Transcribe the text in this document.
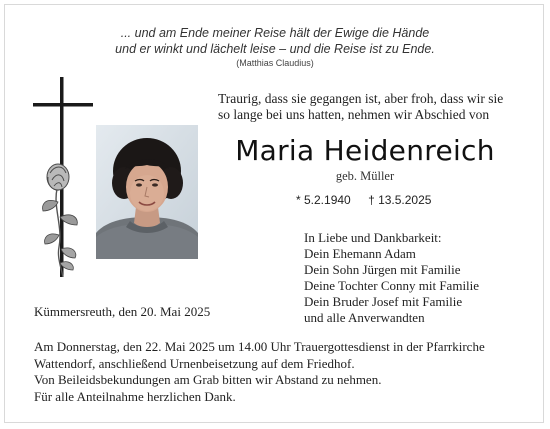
... und am Ende meiner Reise hält der Ewige die Hände
und er winkt und lächelt leise – und die Reise ist zu Ende.
(Matthias Claudius)
Traurig, dass sie gegangen ist, aber froh, dass wir sie
so lange bei uns hatten, nehmen wir Abschied von
Maria Heidenreich
geb. Müller
* 5.2.1940 † 13.5.2025
In Liebe und Dankbarkeit:
Dein Ehemann Adam
Dein Sohn Jürgen mit Familie
Deine Tochter Conny mit Familie
Dein Bruder Josef mit Familie
und alle Anverwandten
Kümmersreuth, den 20. Mai 2025
Am Donnerstag, den 22. Mai 2025 um 14.00 Uhr Trauergottesdienst in der Pfarrkirche
Wattendorf, anschließend Urnenbeisetzung auf dem Friedhof.
Von Beileidsbekundungen am Grab bitten wir Abstand zu nehmen.
Für alle Anteilnahme herzlichen Dank.
